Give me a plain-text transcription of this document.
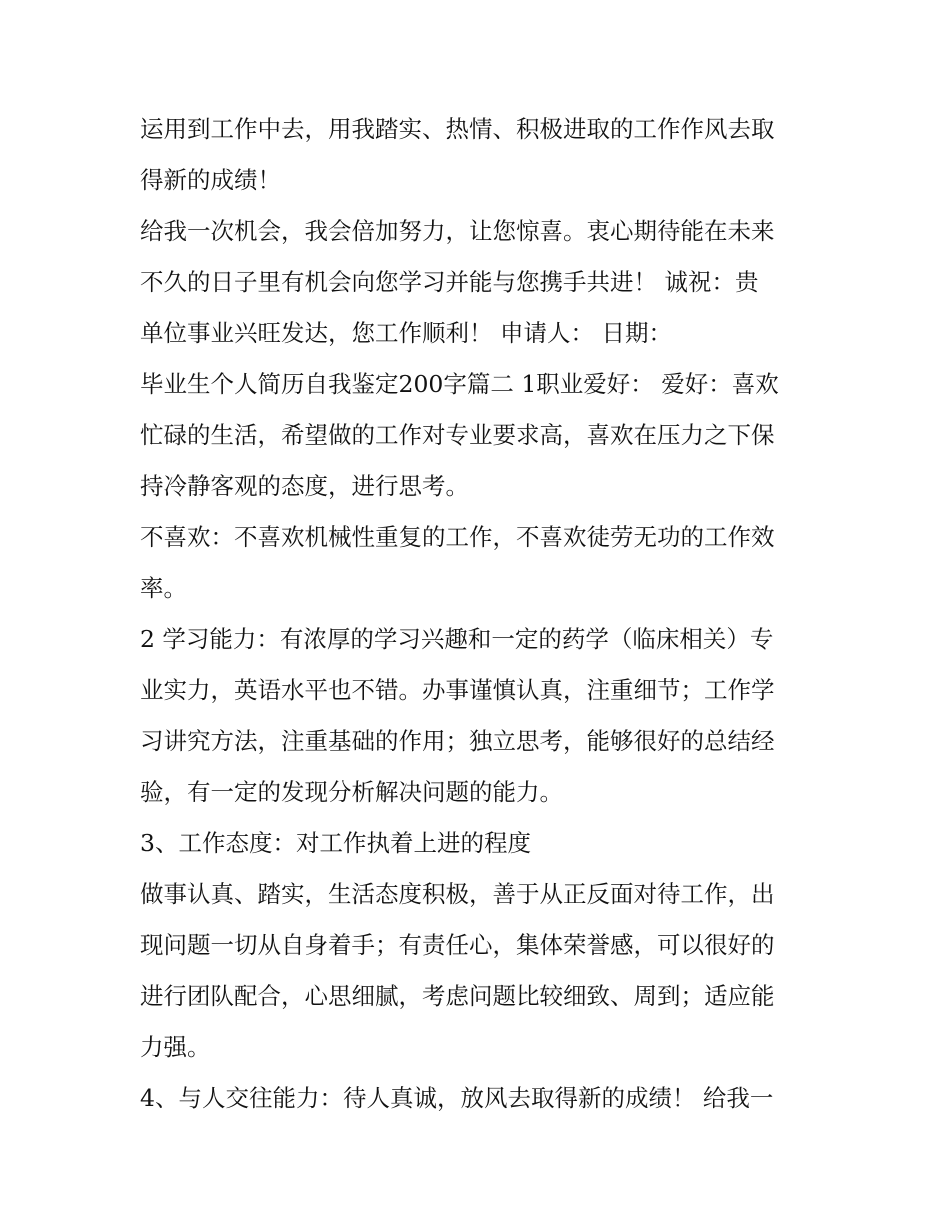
运用到工作中去，用我踏实、热情、积极进取的工作作风去取
得新的成绩！
给我一次机会，我会倍加努力，让您惊喜。衷心期待能在未来
不久的日子里有机会向您学习并能与您携手共进！ 诚祝：贵
单位事业兴旺发达，您工作顺利！ 申请人： 日期：
毕业生个人简历自我鉴定200字篇二 1职业爱好： 爱好：喜欢
忙碌的生活，希望做的工作对专业要求高，喜欢在压力之下保
持冷静客观的态度，进行思考。
不喜欢：不喜欢机械性重复的工作，不喜欢徒劳无功的工作效
率。
2 学习能力：有浓厚的学习兴趣和一定的药学（临床相关）专
业实力，英语水平也不错。办事谨慎认真，注重细节；工作学
习讲究方法，注重基础的作用；独立思考，能够很好的总结经
验，有一定的发现分析解决问题的能力。
3、工作态度：对工作执着上进的程度
做事认真、踏实，生活态度积极，善于从正反面对待工作，出
现问题一切从自身着手；有责任心，集体荣誉感，可以很好的
进行团队配合，心思细腻，考虑问题比较细致、周到；适应能
力强。
4、与人交往能力：待人真诚，放风去取得新的成绩！ 给我一
